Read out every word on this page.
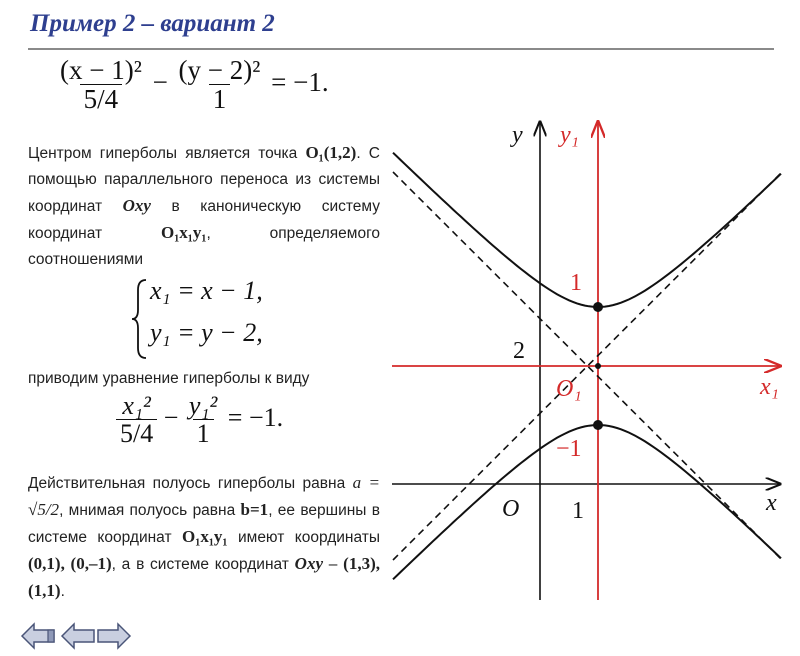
Пример 2 – вариант 2
$\frac{\text{(x − 1)²}}{5/4} - \frac{\text{(y − 2)²}}{1} = -1$.
Центром гиперболы является точка O₁(1,2). С помощью параллельного переноса из системы координат Oxy в каноническую систему координат	O₁x₁y₁, определяемого соотношениями
x₁ = x − 1,
y₁ = y − 2,
приводим уравнение гиперболы к виду
$\frac{\text{x₁²}}{5/4} - \frac{\text{y₁²}}{1} = -1$.
Действительная полуось гиперболы равна a = √5/2, мнимая полуось равна b=1, ее вершины в системе координат O₁x₁y₁ имеют координаты (0,1), (0,–1), а в системе координат Oxy – (1,3), (1,1).
y y₁
x
x₁
O
O₁
1
2
−1
1
